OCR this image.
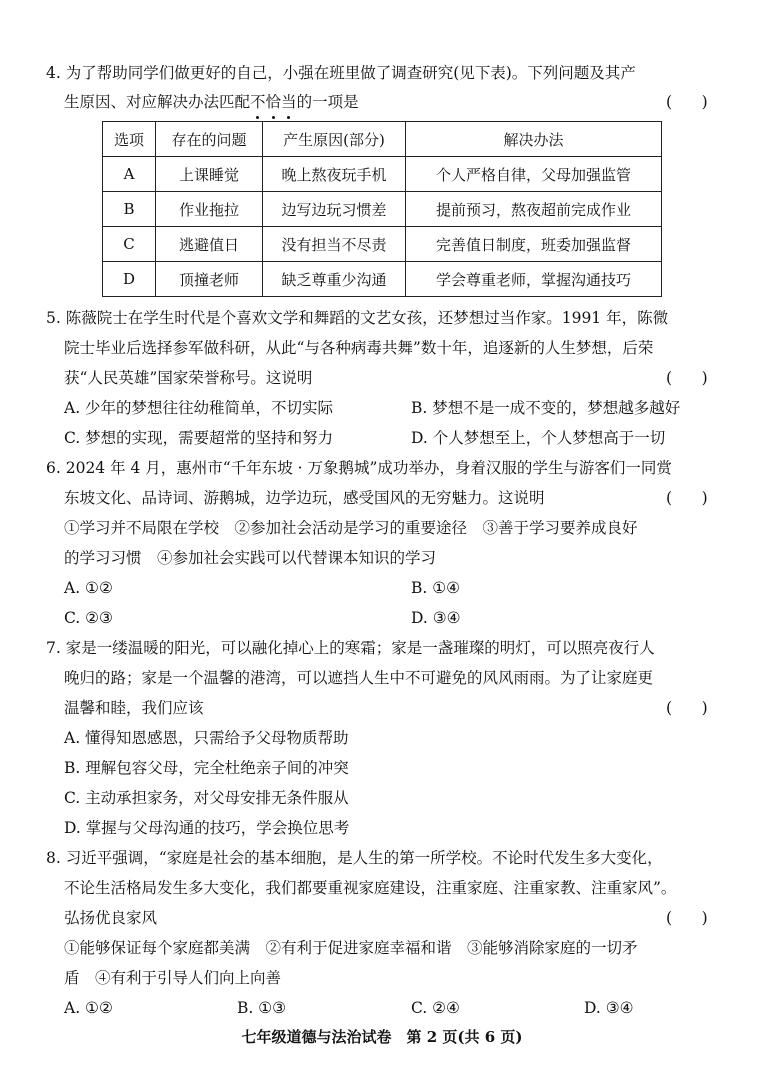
4. 为了帮助同学们做更好的自己，小强在班里做了调查研究(见下表)。下列问题及其产
生原因、对应解决办法匹配不恰当的一项是	(      )
选项	存在的问题	产生原因(部分)	解决办法
A	上课睡觉	晚上熬夜玩手机	个人严格自律，父母加强监管
B	作业拖拉	边写边玩习惯差	提前预习，熬夜超前完成作业
C	逃避值日	没有担当不尽责	完善值日制度，班委加强监督
D	顶撞老师	缺乏尊重少沟通	学会尊重老师，掌握沟通技巧
5. 陈薇院士在学生时代是个喜欢文学和舞蹈的文艺女孩，还梦想过当作家。1991 年，陈微
院士毕业后选择参军做科研，从此“与各种病毒共舞”数十年，追逐新的人生梦想，后荣
获“人民英雄”国家荣誉称号。这说明	(      )
A. 少年的梦想往往幼稚简单，不切实际	B. 梦想不是一成不变的，梦想越多越好
C. 梦想的实现，需要超常的坚持和努力	D. 个人梦想至上，个人梦想高于一切
6. 2024 年 4 月，惠州市“千年东坡 · 万象鹅城”成功举办，身着汉服的学生与游客们一同赏
东坡文化、品诗词、游鹅城，边学边玩，感受国风的无穷魅力。这说明	(      )
①学习并不局限在学校　②参加社会活动是学习的重要途径　③善于学习要养成良好
的学习习惯　④参加社会实践可以代替课本知识的学习
A. ①②	B. ①④
C. ②③	D. ③④
7. 家是一缕温暖的阳光，可以融化掉心上的寒霜；家是一盏璀璨的明灯，可以照亮夜行人
晚归的路；家是一个温馨的港湾，可以遮挡人生中不可避免的风风雨雨。为了让家庭更
温馨和睦，我们应该	(      )
A. 懂得知恩感恩，只需给予父母物质帮助
B. 理解包容父母，完全杜绝亲子间的冲突
C. 主动承担家务，对父母安排无条件服从
D. 掌握与父母沟通的技巧，学会换位思考
8. 习近平强调，“家庭是社会的基本细胞，是人生的第一所学校。不论时代发生多大变化，
不论生活格局发生多大变化，我们都要重视家庭建设，注重家庭、注重家教、注重家风”。
弘扬优良家风	(      )
①能够保证每个家庭都美满　②有利于促进家庭幸福和谐　③能够消除家庭的一切矛
盾　④有利于引导人们向上向善
A. ①②	B. ①③	C. ②④	D. ③④
七年级道德与法治试卷　第 2 页(共 6 页)
